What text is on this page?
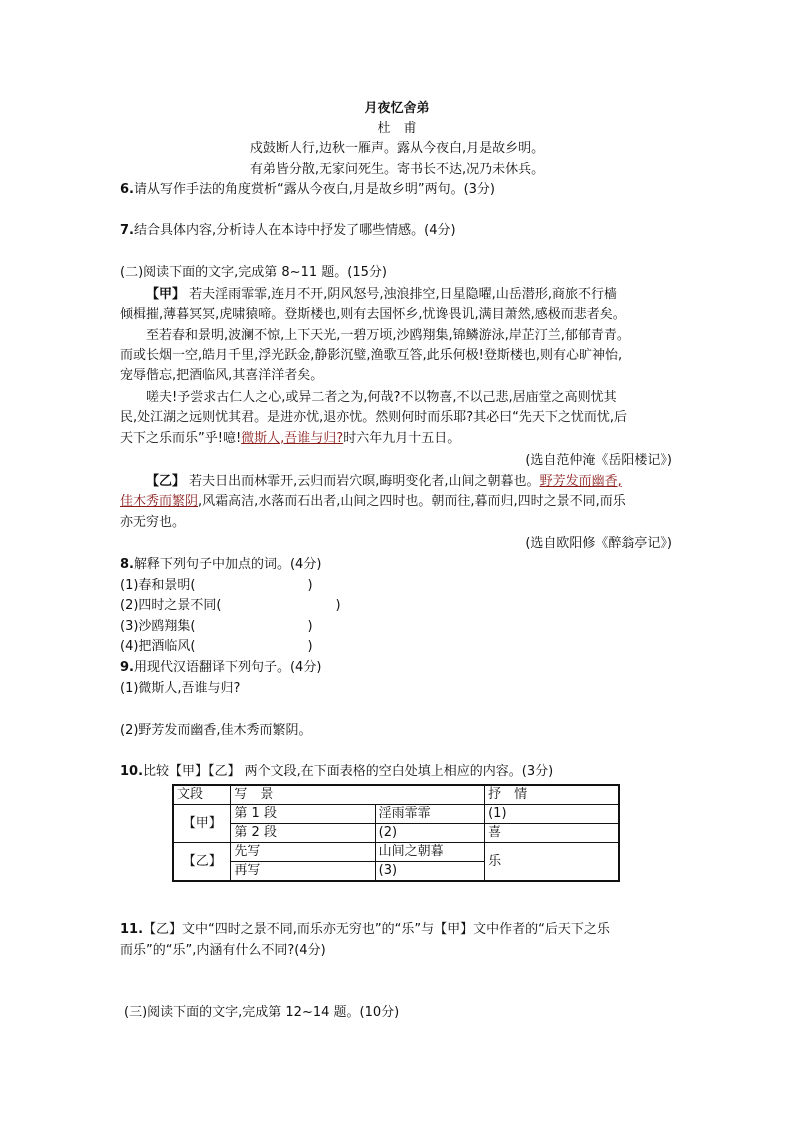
月夜忆舍弟
杜　甫
戍鼓断人行,边秋一雁声。露从今夜白,月是故乡明。
有弟皆分散,无家问死生。寄书长不达,况乃未休兵。
6.请从写作手法的角度赏析“露从今夜白,月是故乡明”两句。(3分)
7.结合具体内容,分析诗人在本诗中抒发了哪些情感。(4分)
(二)阅读下面的文字,完成第 8~11 题。(15分)
【甲】 若夫淫雨霏霏,连月不开,阴风怒号,浊浪排空,日星隐曜,山岳潜形,商旅不行樯
倾楫摧,薄暮冥冥,虎啸猿啼。登斯楼也,则有去国怀乡,忧谗畏讥,满目萧然,感极而悲者矣。
至若春和景明,波澜不惊,上下天光,一碧万顷,沙鸥翔集,锦鳞游泳,岸芷汀兰,郁郁青青。
而或长烟一空,皓月千里,浮光跃金,静影沉璧,渔歌互答,此乐何极!登斯楼也,则有心旷神怡,
宠辱偕忘,把酒临风,其喜洋洋者矣。
嗟夫!予尝求古仁人之心,或异二者之为,何哉?不以物喜,不以己悲,居庙堂之高则忧其
民,处江湖之远则忧其君。是进亦忧,退亦忧。然则何时而乐耶?其必曰“先天下之忧而忧,后
天下之乐而乐”乎!噫!微斯人,吾谁与归?时六年九月十五日。
(选自范仲淹《岳阳楼记》)
【乙】 若夫日出而林霏开,云归而岩穴暝,晦明变化者,山间之朝暮也。野芳发而幽香,
佳木秀而繁阴,风霜高洁,水落而石出者,山间之四时也。朝而往,暮而归,四时之景不同,而乐
亦无穷也。
(选自欧阳修《醉翁亭记》)
8.解释下列句子中加点的词。(4分)
(1)春和景明(	)
(2)四时之景不同(	)
(3)沙鸥翔集(	)
(4)把酒临风(	)
9.用现代汉语翻译下列句子。(4分)
(1)微斯人,吾谁与归?
(2)野芳发而幽香,佳木秀而繁阴。
10.比较【甲】【乙】 两个文段,在下面表格的空白处填上相应的内容。(3分)
文段	写　景		抒　情
【甲】	第 1 段	淫雨霏霏	(1)
	第 2 段	(2)	喜
【乙】	先写	山间之朝暮	乐
	再写	(3)	
11.【乙】文中“四时之景不同,而乐亦无穷也”的“乐”与【甲】文中作者的“后天下之乐
而乐”的“乐”,内涵有什么不同?(4分)
(三)阅读下面的文字,完成第 12~14 题。(10分)
